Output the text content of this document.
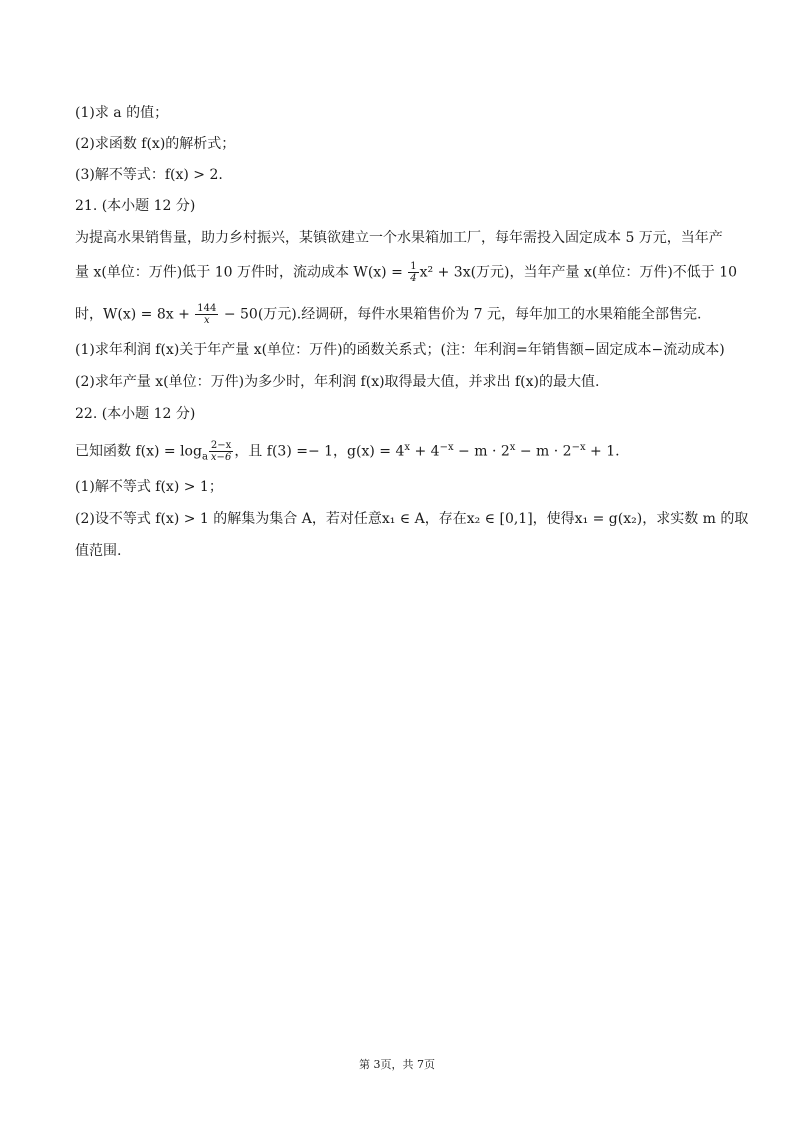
(1)求 a 的值；
(2)求函数 f(x)的解析式；
(3)解不等式：f(x) > 2.
21. (本小题 12 分)
为提高水果销售量，助力乡村振兴，某镇欲建立一个水果箱加工厂，每年需投入固定成本 5 万元，当年产
量 x(单位：万件)低于 10 万件时，流动成本 $W(x) = \frac{1}{4} x^2 + 3x$(万元)，当年产量 x(单位：万件)不低于 10
时，$W(x) = 8x + \frac{144}{x} - 50$(万元).经调研，每件水果箱售价为 7 元，每年加工的水果箱能全部售完.
(1)求年利润 f(x)关于年产量 x(单位：万件)的函数关系式；(注：年利润=年销售额−固定成本−流动成本)
(2)求年产量 x(单位：万件)为多少时，年利润 f(x)取得最大值，并求出 f(x)的最大值.
22. (本小题 12 分)
已知函数 $f(x) = \log_a \frac{2-x}{x-6}$ ，且 f(3) =− 1，$g(x) = 4^x + 4^{-x} - m \cdot 2^x - m \cdot 2^{-x} + 1$.
(1)解不等式 f(x) > 1；
(2)设不等式 f(x) > 1 的解集为集合 A，若对任意x₁ ∈ A，存在x₂ ∈ [0,1]，使得x₁ = g(x₂)，求实数 m 的取
值范围.
第 3页，共 7页
